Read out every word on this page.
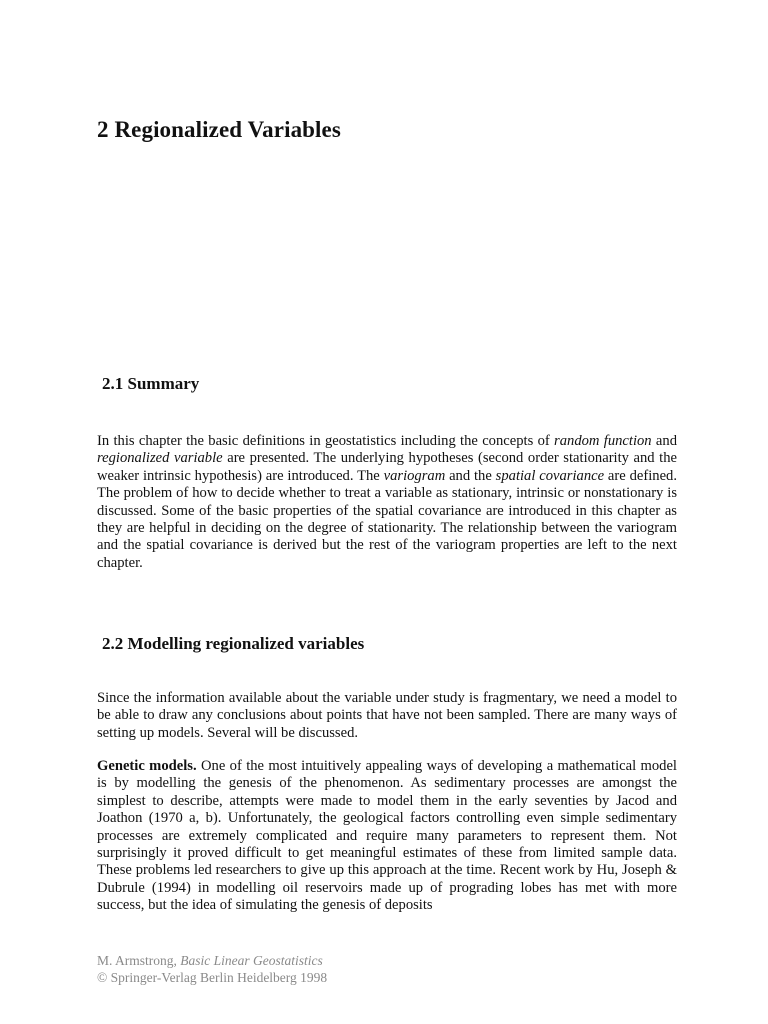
2 Regionalized Variables
2.1 Summary

In this chapter the basic definitions in geostatistics including the concepts of random function and regionalized variable are presented. The underlying hypotheses (second order stationarity and the weaker intrinsic hypothesis) are introduced. The variogram and the spatial covariance are defined. The problem of how to decide whether to treat a variable as stationary, intrinsic or nonstationary is discussed. Some of the basic properties of the spatial covariance are introduced in this chapter as they are helpful in deciding on the degree of stationarity. The relationship between the variogram and the spatial covariance is derived but the rest of the variogram properties are left to the next chapter.

2.2 Modelling regionalized variables

Since the information available about the variable under study is fragmentary, we need a model to be able to draw any conclusions about points that have not been sampled. There are many ways of setting up models. Several will be discussed.

Genetic models. One of the most intuitively appealing ways of developing a mathematical model is by modelling the genesis of the phenomenon. As sedimentary processes are amongst the simplest to describe, attempts were made to model them in the early seventies by Jacod and Joathon (1970 a, b). Unfortunately, the geological factors controlling even simple sedimentary processes are extremely complicated and require many parameters to represent them. Not surprisingly it proved difficult to get meaningful estimates of these from limited sample data. These problems led researchers to give up this approach at the time. Recent work by Hu, Joseph & Dubrule (1994) in modelling oil reservoirs made up of prograding lobes has met with more success, but the idea of simulating the genesis of deposits

M. Armstrong, Basic Linear Geostatistics
© Springer-Verlag Berlin Heidelberg 1998
